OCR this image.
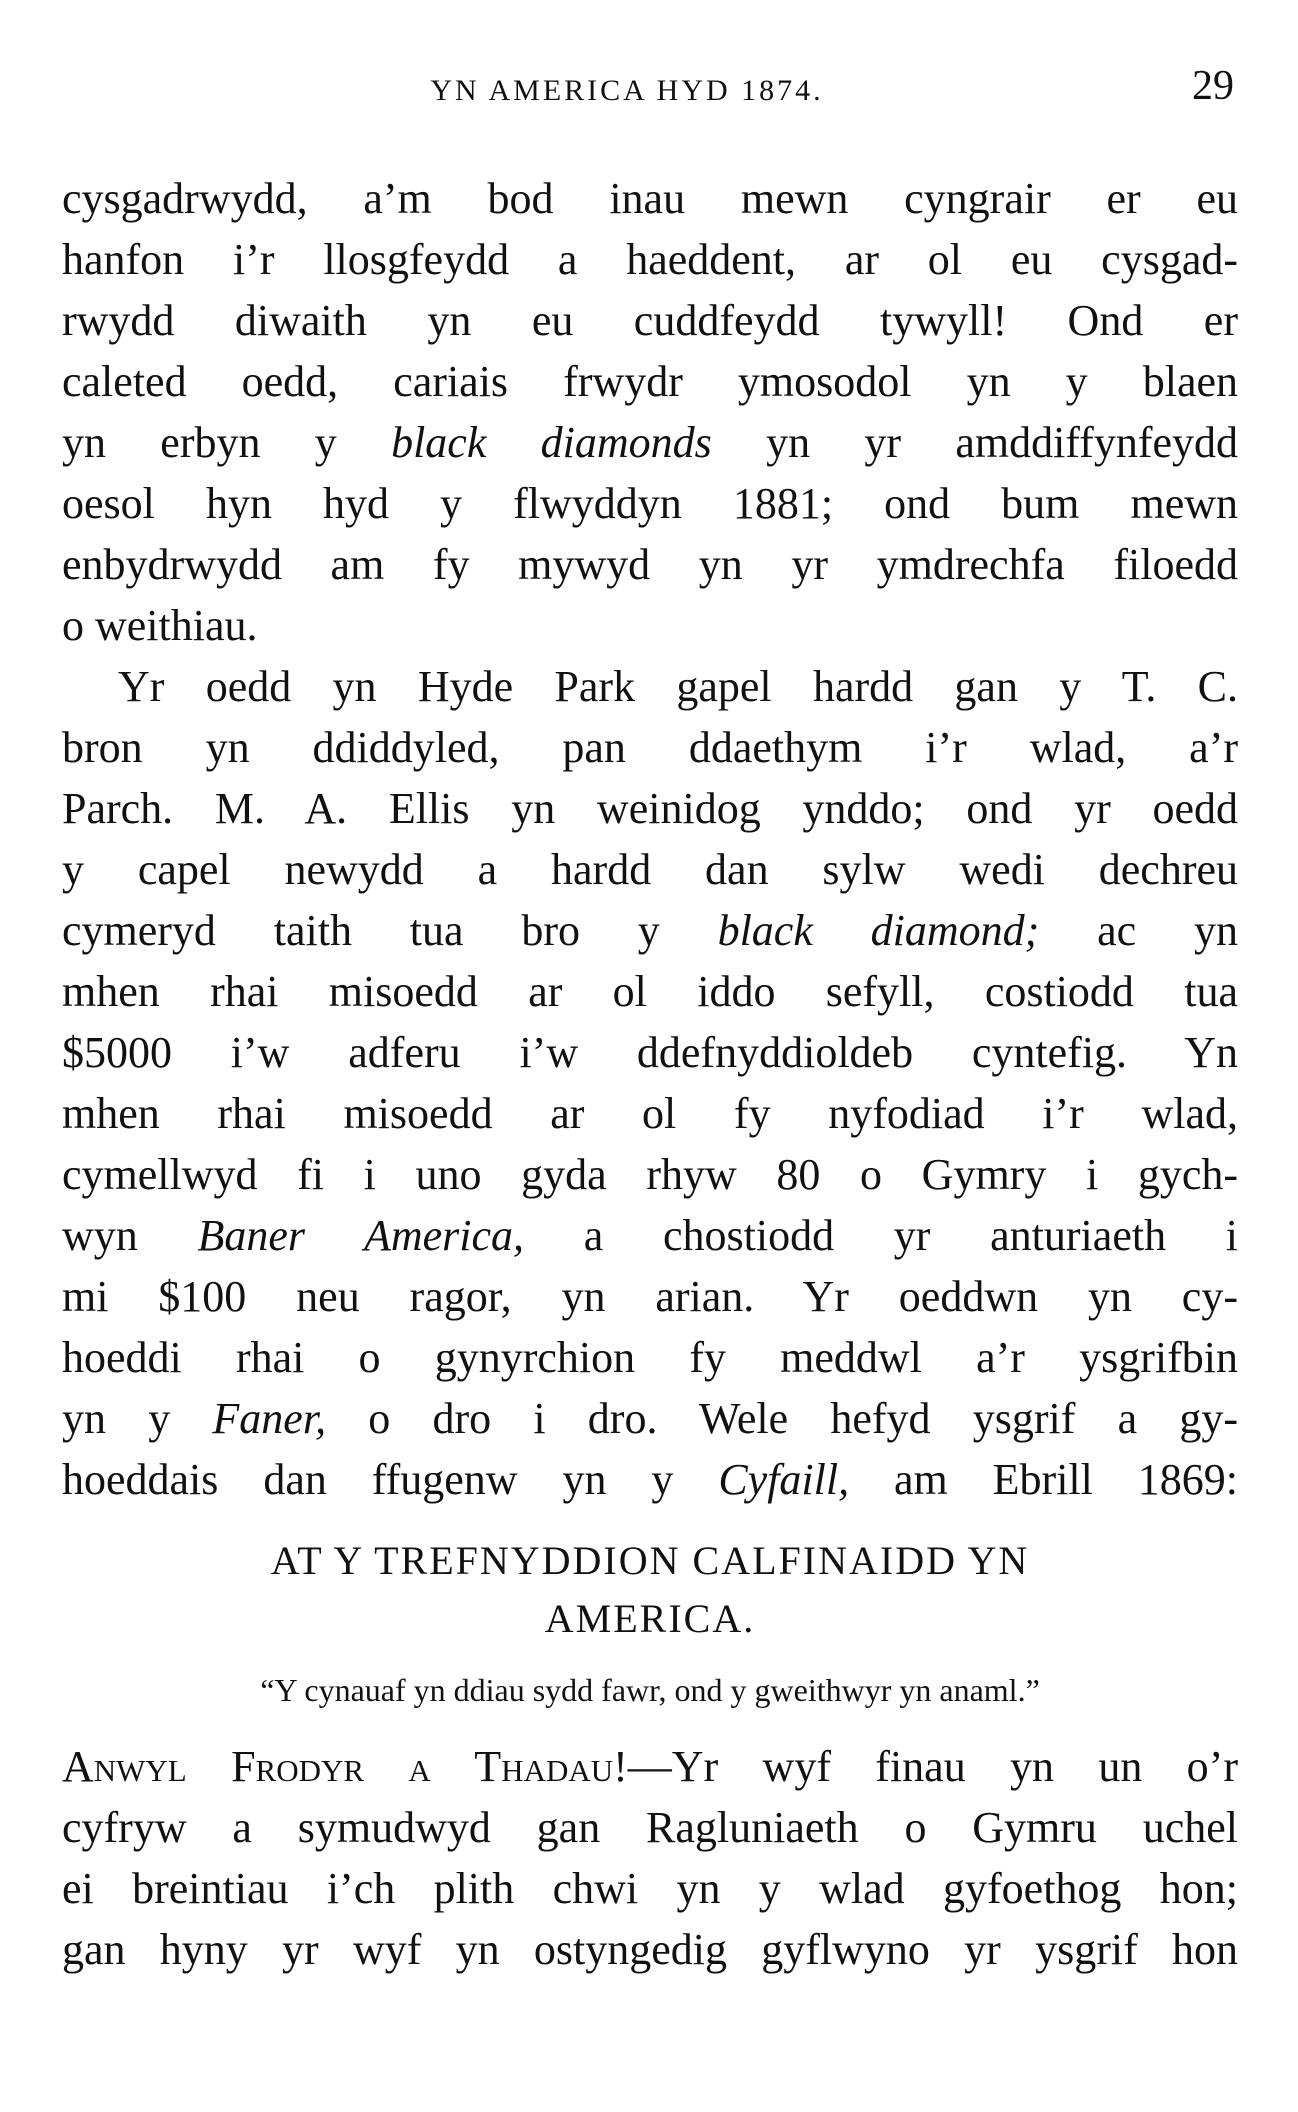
YN AMERICA HYD 1874.	29
cysgadrwydd, a’m bod inau mewn cyngrair er eu
hanfon i’r llosgfeydd a haeddent, ar ol eu cysgad-
rwydd diwaith yn eu cuddfeydd tywyll! Ond er
caleted oedd, cariais frwydr ymosodol yn y blaen
yn erbyn y black diamonds yn yr amddiffynfeydd
oesol hyn hyd y flwyddyn 1881; ond bum mewn
enbydrwydd am fy mywyd yn yr ymdrechfa filoedd
o weithiau.
Yr oedd yn Hyde Park gapel hardd gan y T. C.
bron yn ddiddyled, pan ddaethym i’r wlad, a’r
Parch. M. A. Ellis yn weinidog ynddo; ond yr oedd
y capel newydd a hardd dan sylw wedi dechreu
cymeryd taith tua bro y black diamond; ac yn
mhen rhai misoedd ar ol iddo sefyll, costiodd tua
$5000 i’w adferu i’w ddefnyddioldeb cyntefig. Yn
mhen rhai misoedd ar ol fy nyfodiad i’r wlad,
cymellwyd fi i uno gyda rhyw 80 o Gymry i gych-
wyn Baner America, a chostiodd yr anturiaeth i
mi $100 neu ragor, yn arian. Yr oeddwn yn cy-
hoeddi rhai o gynyrchion fy meddwl a’r ysgrifbin
yn y Faner, o dro i dro. Wele hefyd ysgrif a gy-
hoeddais dan ffugenw yn y Cyfaill, am Ebrill 1869:
AT Y TREFNYDDION CALFINAIDD YN
AMERICA.
“Y cynauaf yn ddiau sydd fawr, ond y gweithwyr yn anaml.”
Anwyl Frodyr a Thadau!—Yr wyf finau yn un o’r
cyfryw a symudwyd gan Ragluniaeth o Gymru uchel
ei breintiau i’ch plith chwi yn y wlad gyfoethog hon;
gan hyny yr wyf yn ostyngedig gyflwyno yr ysgrif hon
